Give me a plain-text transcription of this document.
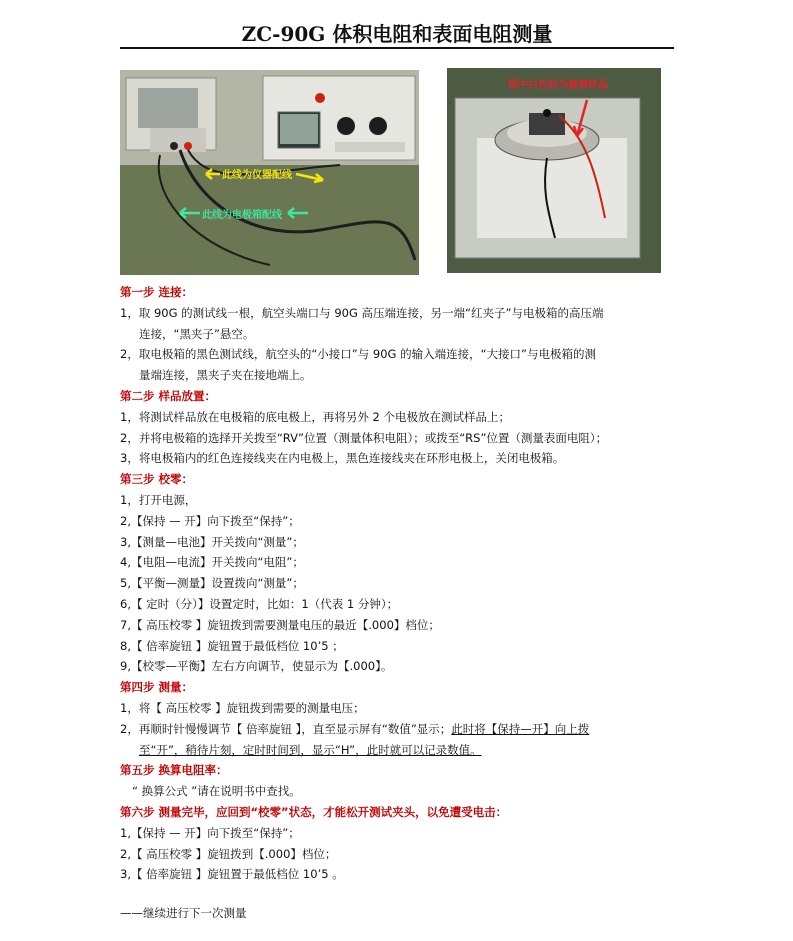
ZC-90G 体积电阻和表面电阻测量
此线为仪器配线
此线为电极箱配线
图中白色的为被测样品
第一步 连接：
1，取 90G 的测试线一根，航空头端口与 90G 高压端连接，另一端“红夹子”与电极箱的高压端
连接，“黑夹子”悬空。
2，取电极箱的黑色测试线，航空头的“小接口”与 90G 的输入端连接，“大接口”与电极箱的测
量端连接，黑夹子夹在接地端上。
第二步 样品放置：
1，将测试样品放在电极箱的底电极上，再将另外 2 个电极放在测试样品上；
2，并将电极箱的选择开关拨至“RV”位置（测量体积电阻）；或拨至“RS”位置（测量表面电阻）；
3，将电极箱内的红色连接线夹在内电极上，黑色连接线夹在环形电极上，关闭电极箱。
第三步 校零：
1，打开电源，
2,【保持 — 开】向下拨至“保持”；
3,【测量—电池】开关拨向“测量”；
4,【电阻—电流】开关拨向“电阻”；
5,【平衡—测量】设置拨向“测量”；
6,【 定时（分）】设置定时，比如：1（代表 1 分钟）；
7,【 高压校零 】旋钮拨到需要测量电压的最近【.000】档位；
8,【 倍率旋钮 】旋钮置于最低档位 10’5 ；
9,【校零—平衡】左右方向调节，使显示为【.000】。
第四步 测量：
1，将【 高压校零 】旋钮拨到需要的测量电压；
2，再顺时针慢慢调节【 倍率旋钮 】，直至显示屏有“数值”显示；此时将【保持—开】向上拨
至“开”，稍待片刻，定时时间到，显示“H”，此时就可以记录数值。
第五步 换算电阻率：
“ 换算公式 ”请在说明书中查找。
第六步 测量完毕，应回到“校零”状态，才能松开测试夹头，以免遭受电击：
1,【保持 — 开】向下拨至“保持”；
2,【 高压校零 】旋钮拨到【.000】档位；
3,【 倍率旋钮 】旋钮置于最低档位 10’5 。
——继续进行下一次测量
